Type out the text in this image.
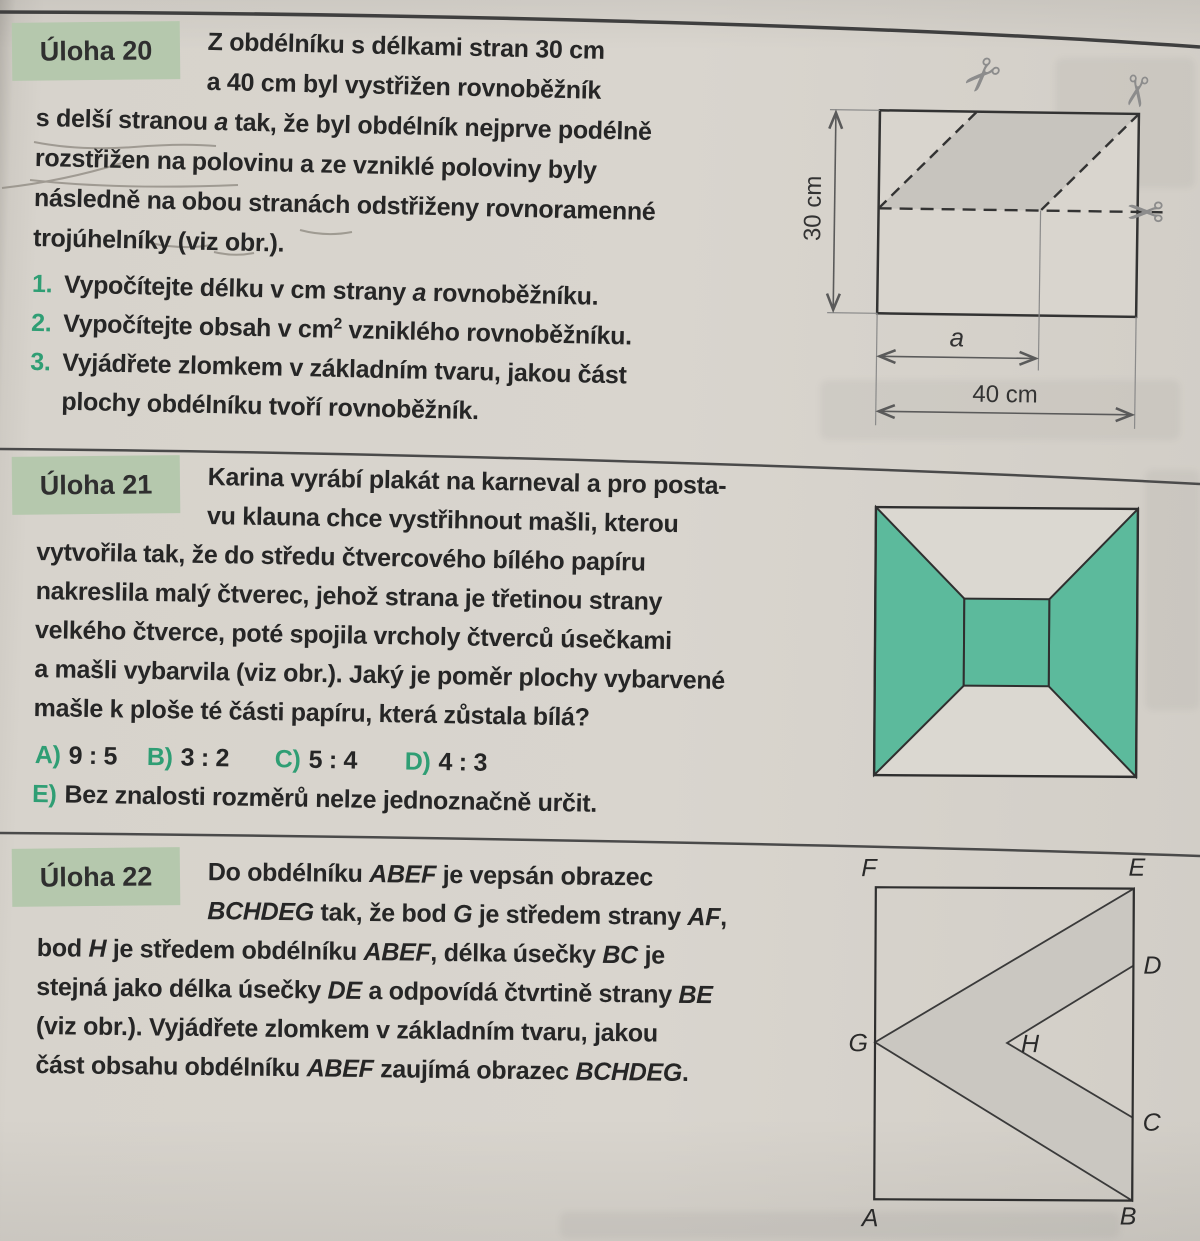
Úloha 20	Z obdélníku s délkami stran 30 cm
a 40 cm byl vystřižen rovnoběžník
s delší stranou a tak, že byl obdélník nejprve podélně
rozstřižen na polovinu a ze vzniklé poloviny byly
následně na obou stranách odstřiženy rovnoramenné
trojúhelníky (viz obr.).
1. Vypočítejte délku v cm strany a rovnoběžníku.
2. Vypočítejte obsah v $cm^2$ vzniklého rovnoběžníku.
3. Vyjádřete zlomkem v základním tvaru, jakou část
plochy obdélníku tvoří rovnoběžník.
30 cm
a
40 cm
✂ ✂
✂
Úloha 21	Karina vyrábí plakát na karneval a pro posta-
vu klauna chce vystřihnout mašli, kterou
vytvořila tak, že do středu čtvercového bílého papíru
nakreslila malý čtverec, jehož strana je třetinou strany
velkého čtverce, poté spojila vrcholy čtverců úsečkami
a mašli vybarvila (viz obr.). Jaký je poměr plochy vybarvené
mašle k ploše té části papíru, která zůstala bílá?
A) 9 : 5 B) 3 : 2 C) 5 : 4 D) 4 : 3
E) Bez znalosti rozměrů nelze jednoznačně určit.
Úloha 22	Do obdélníku ABEF je vepsán obrazec
BCHDEG tak, že bod G je středem strany AF,
bod H je středem obdélníku ABEF, délka úsečky BC je
stejná jako délka úsečky DE a odpovídá čtvrtině strany BE
(viz obr.). Vyjádřete zlomkem v základním tvaru, jakou
část obsahu obdélníku ABEF zaujímá obrazec BCHDEG.
F	E
D
G	H
C
A	B
